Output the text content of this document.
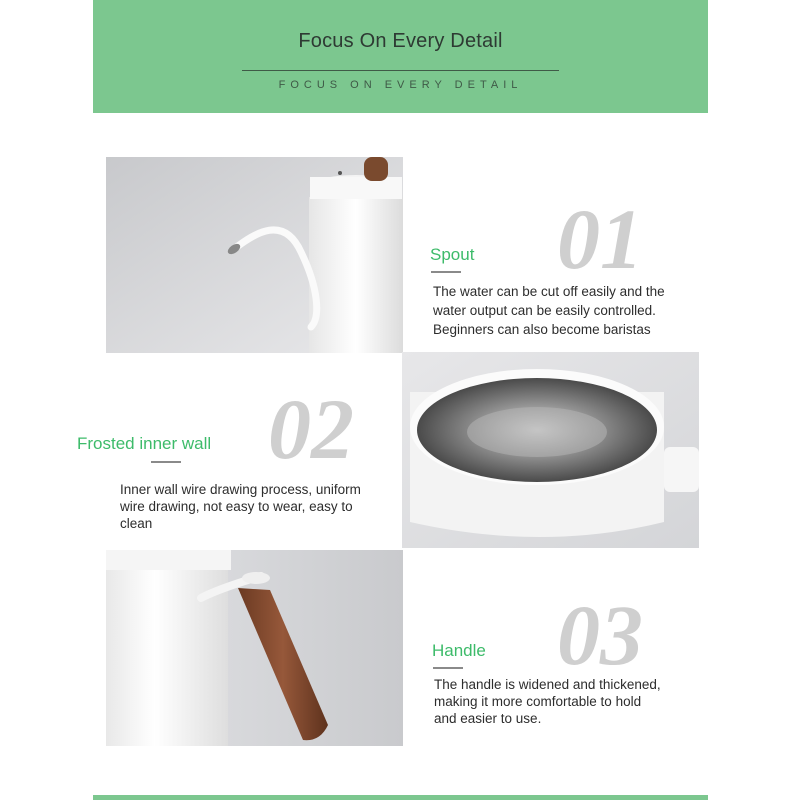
Focus On Every Detail
FOCUS ON EVERY DETAIL
01
Spout
The water can be cut off easily and the
water output can be easily controlled.
Beginners can also become baristas
02
Frosted inner wall
Inner wall wire drawing process, uniform
wire drawing, not easy to wear, easy to
clean
03
Handle
The handle is widened and thickened,
making it more comfortable to hold
and easier to use.
